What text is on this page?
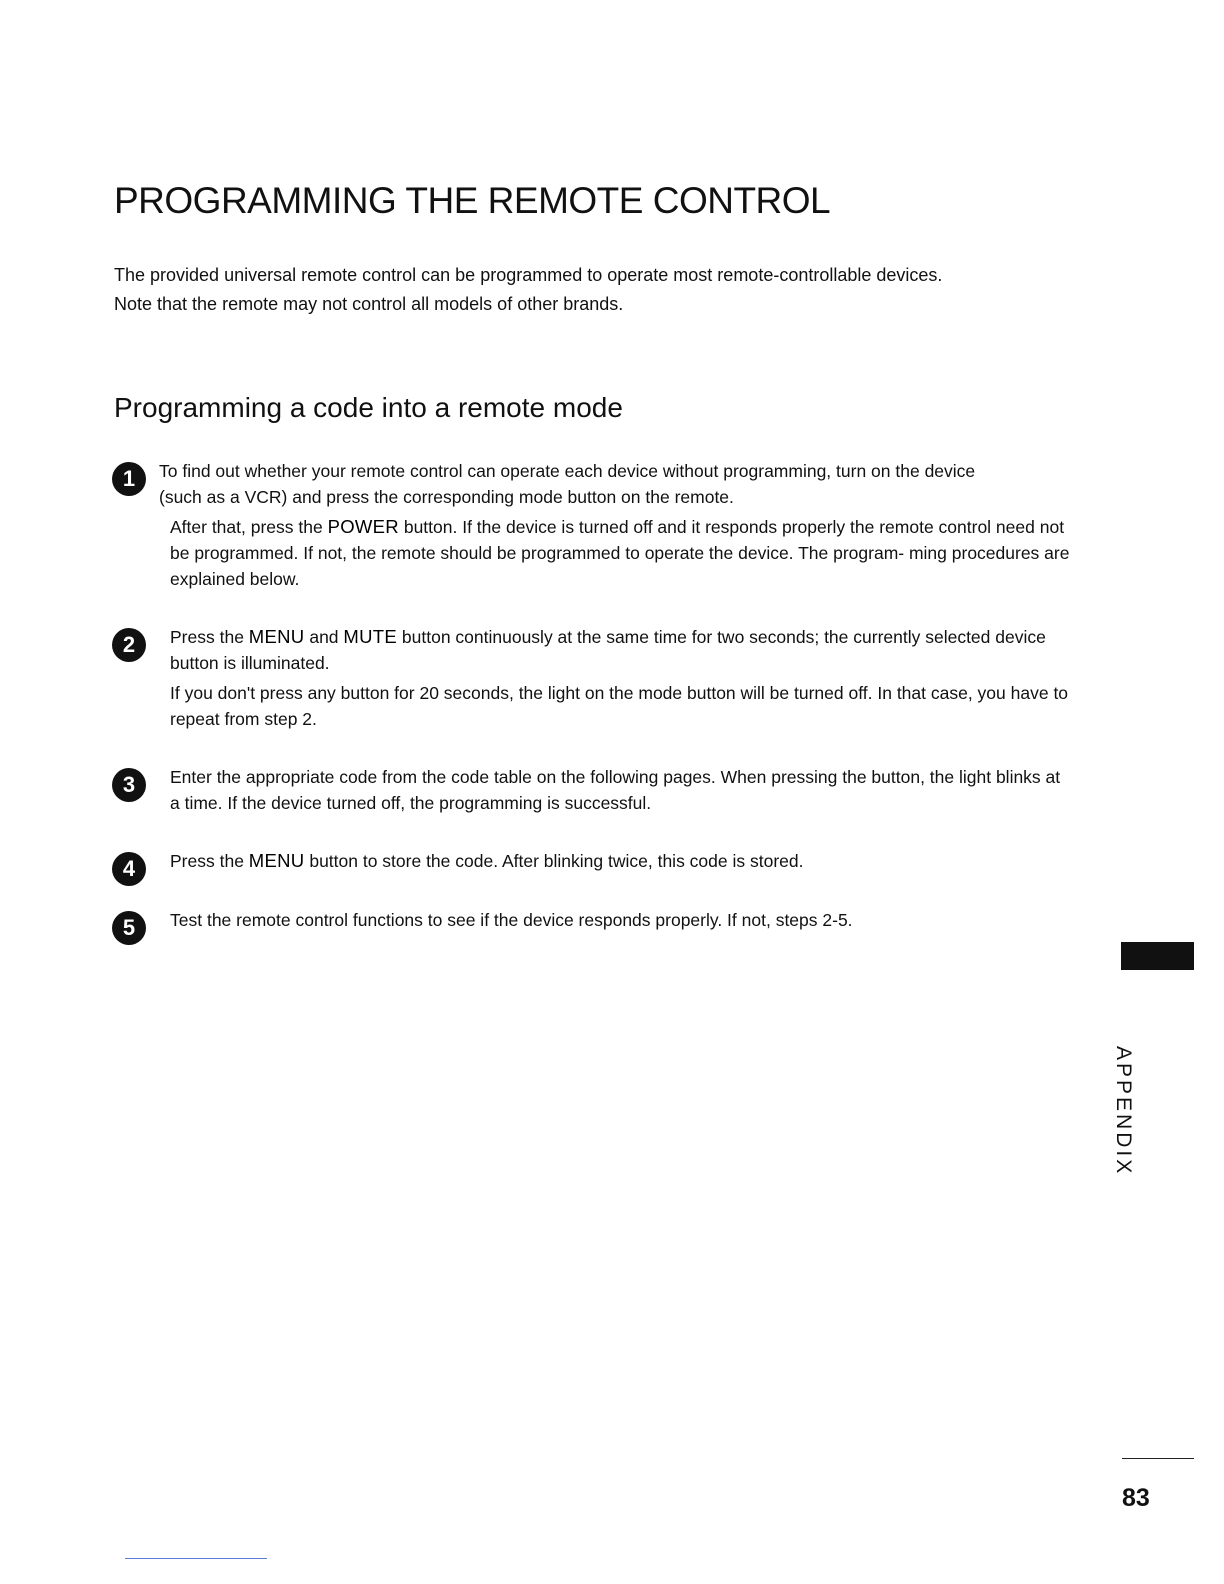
PROGRAMMING THE REMOTE CONTROL

The provided universal remote control can be programmed to operate most remote-controllable devices.

Note that the remote may not control all models of other brands.

Programming a code into a remote mode
1	To find out whether your remote control can operate each device without programming, turn on the device
(such as a VCR) and press the corresponding mode button on the remote.

After that, press the POWER button. If the device is turned off and it responds properly the remote control need not be programmed. If not, the remote should be programmed to operate the device. The program- ming procedures are explained below.

2	Press the MENU and MUTE button continuously at the same time for two seconds; the currently selected device button is illuminated.

If you don't press any button for 20 seconds, the light on the mode button will be turned off. In that case, you have to repeat from step 2.

3	Enter the appropriate code from the code table on the following pages. When pressing the button, the light blinks at a time. If the device turned off, the programming is successful.

4	Press the MENU button to store the code. After blinking twice, this code is stored.

5	Test the remote control functions to see if the device responds properly. If not, steps 2-5.

APPENDIX
83
